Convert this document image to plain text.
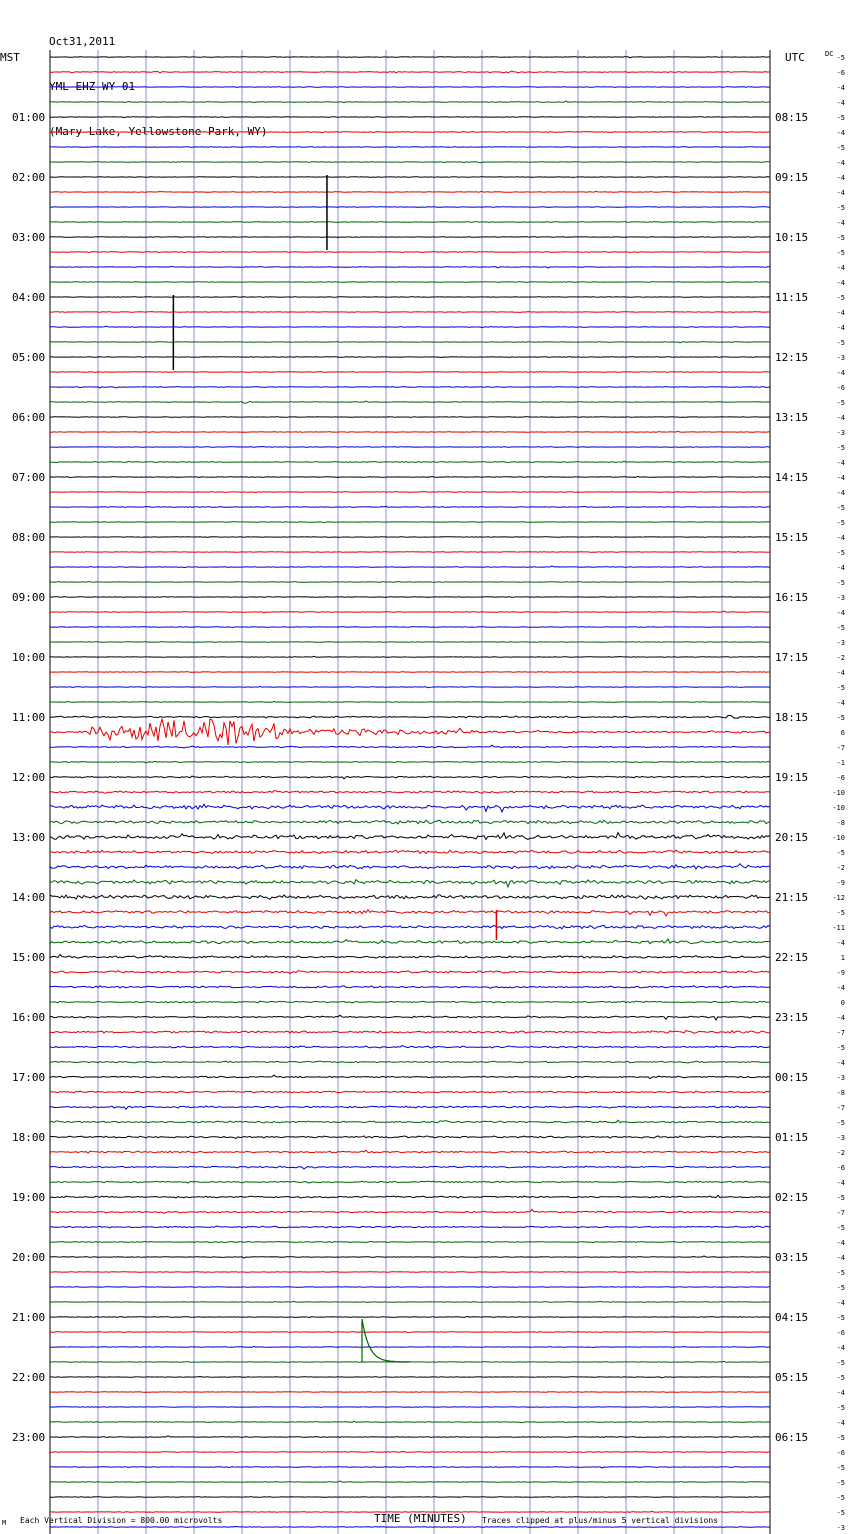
Oct31,2011

YML EHZ WY 01

(Mary Lake, Yellowstone Park, WY)

MST	UTC	DC
M Each Vertical Division = 800.00 microvolts	TIME (MINUTES) Traces clipped at plus/minus 5 vertical divisions
01:00
02:00
03:00
04:00
05:00
06:00
07:00
08:00
09:00
10:00
11:00
12:00
13:00
14:00
15:00
16:00
17:00
18:00
19:00
20:00
21:00
22:00
23:00
08:15
09:15
10:15
11:15
12:15
13:15
14:15
15:15
16:15
17:15
18:15
19:15
20:15
21:15
22:15
23:15
00:15
01:15
02:15
03:15
04:15
05:15
06:15
-5
-6
-4
-4
-5
-4
-5
-4
-4
-4
-5
-4
-5
-5
-4
-4
-5
-4
-4
-5
-3
-4
-6
-5
-4
-3
-5
-4
-4
-4
-5
-5
-4
-5
-4
-5
-3
-4
-5
-3
-2
-4
-5
-4
-5
6
-7
-1
-6
-10
-10
-8
-10
-5
-2
-9
-12
-5
-11
-4
1
-9
-4
0
-4
-7
-5
-4
-3
-8
-7
-5
-3
-2
-6
-4
-5
-7
-5
-4
-4
-5
-5
-4
-5
-6
-4
-5
-5
-4
-5
-4
-5
-6
-5
-5
-5
-5
-3
